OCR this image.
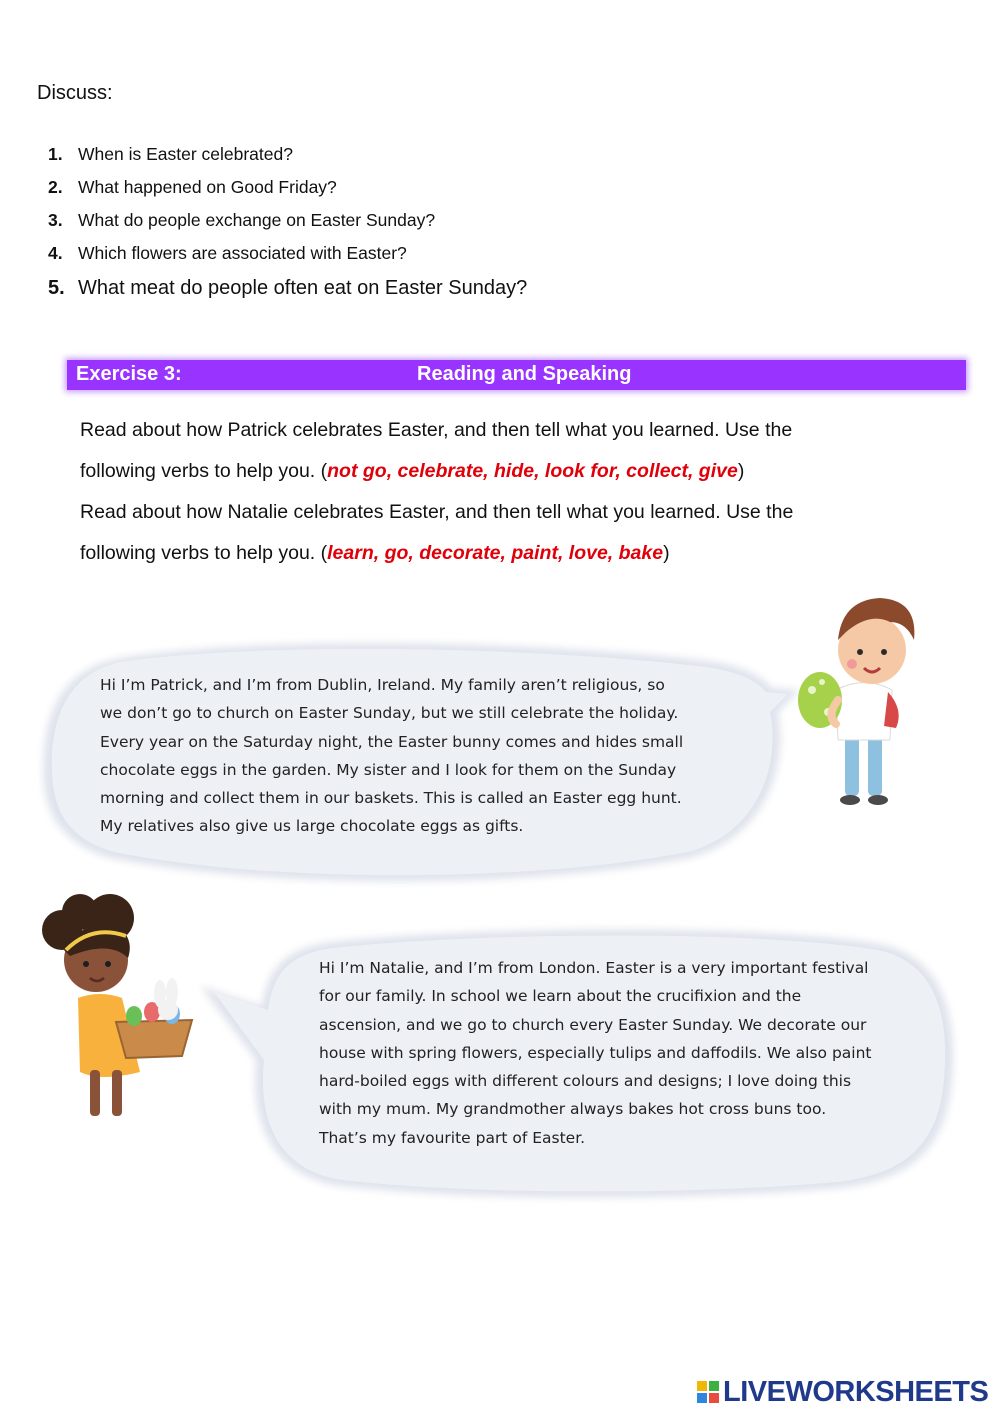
Discuss:
1. When is Easter celebrated?
2. What happened on Good Friday?
3. What do people exchange on Easter Sunday?
4. Which flowers are associated with Easter?
5. What meat do people often eat on Easter Sunday?
Exercise 3:	Reading and Speaking
Read about how Patrick celebrates Easter, and then tell what you learned. Use the
following verbs to help you. (not go, celebrate, hide, look for, collect, give)
Read about how Natalie celebrates Easter, and then tell what you learned. Use the
following verbs to help you. (learn, go, decorate, paint, love, bake)
Hi I’m Patrick, and I’m from Dublin, Ireland. My family aren’t religious, so
we don’t go to church on Easter Sunday, but we still celebrate the holiday.
Every year on the Saturday night, the Easter bunny comes and hides small
chocolate eggs in the garden. My sister and I look for them on the Sunday
morning and collect them in our baskets. This is called an Easter egg hunt.
My relatives also give us large chocolate eggs as gifts.
Hi I’m Natalie, and I’m from London. Easter is a very important festival
for our family. In school we learn about the crucifixion and the
ascension, and we go to church every Easter Sunday. We decorate our
house with spring flowers, especially tulips and daffodils. We also paint
hard-boiled eggs with different colours and designs; I love doing this
with my mum. My grandmother always bakes hot cross buns too.
That’s my favourite part of Easter.
LIVEWORKSHEETS
